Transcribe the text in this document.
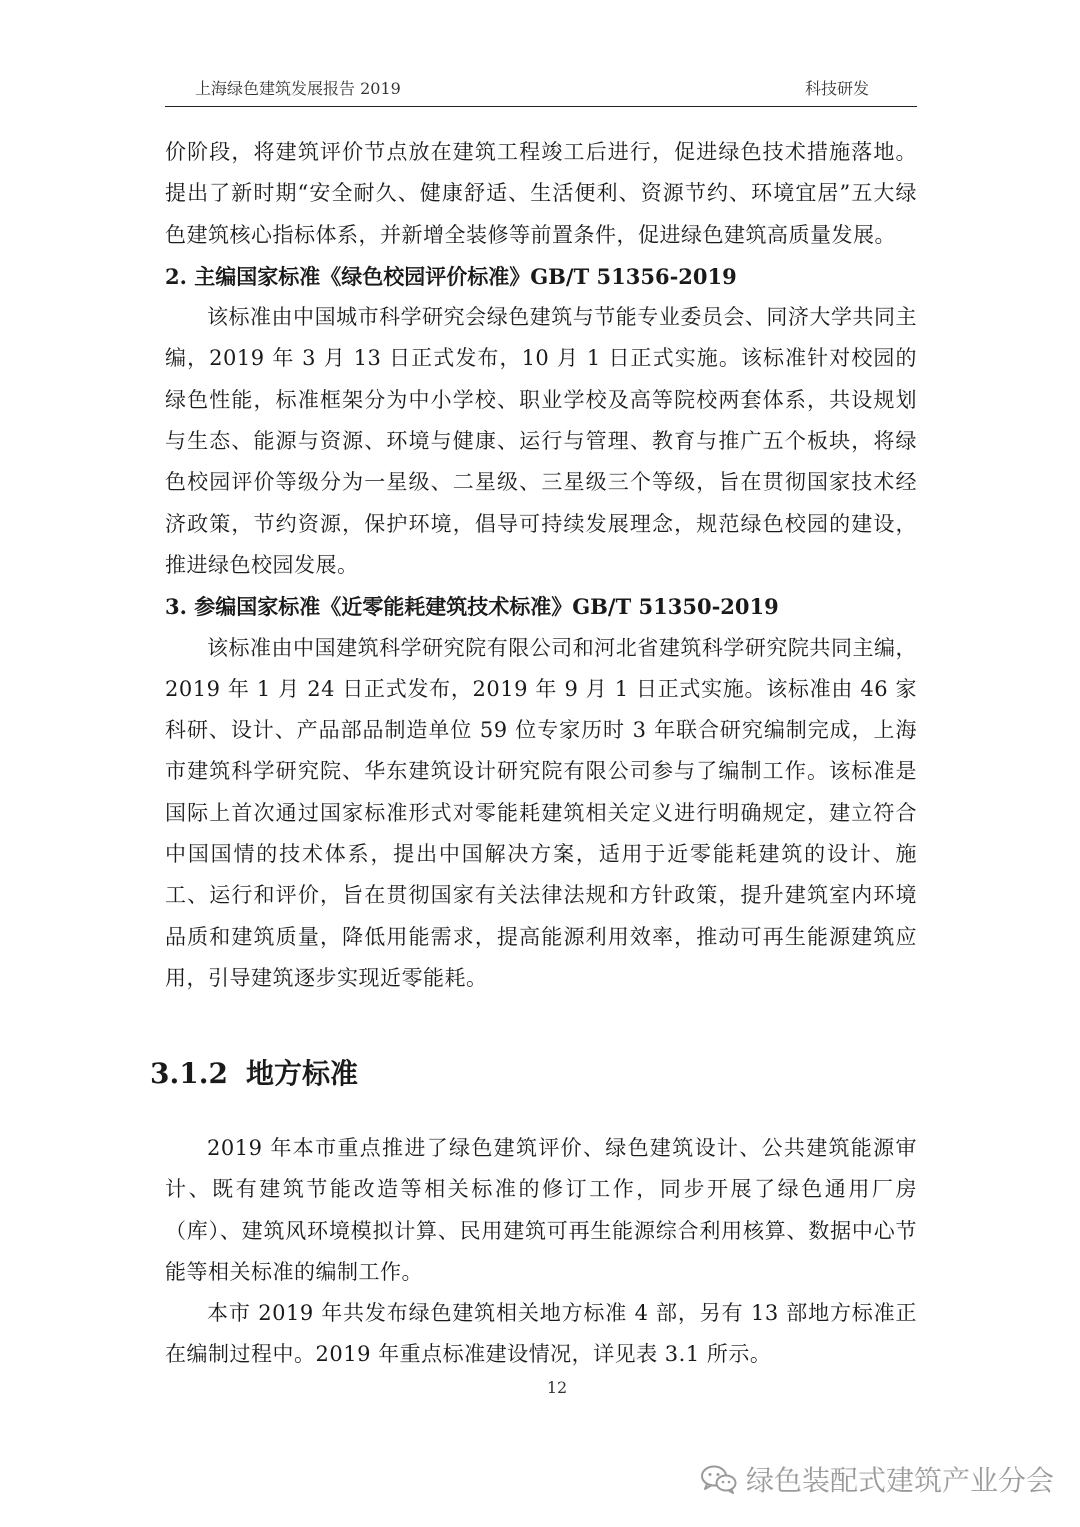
上海绿色建筑发展报告 2019	科技研发

价阶段，将建筑评价节点放在建筑工程竣工后进行，促进绿色技术措施落地。提出了新时期“安全耐久、健康舒适、生活便利、资源节约、环境宜居”五大绿色建筑核心指标体系，并新增全装修等前置条件，促进绿色建筑高质量发展。

2. 主编国家标准《绿色校园评价标准》GB/T 51356-2019

该标准由中国城市科学研究会绿色建筑与节能专业委员会、同济大学共同主编，2019 年 3 月 13 日正式发布，10 月 1 日正式实施。该标准针对校园的绿色性能，标准框架分为中小学校、职业学校及高等院校两套体系，共设规划与生态、能源与资源、环境与健康、运行与管理、教育与推广五个板块，将绿色校园评价等级分为一星级、二星级、三星级三个等级，旨在贯彻国家技术经济政策，节约资源，保护环境，倡导可持续发展理念，规范绿色校园的建设，推进绿色校园发展。

3. 参编国家标准《近零能耗建筑技术标准》GB/T 51350-2019

该标准由中国建筑科学研究院有限公司和河北省建筑科学研究院共同主编，2019 年 1 月 24 日正式发布，2019 年 9 月 1 日正式实施。该标准由 46 家科研、设计、产品部品制造单位 59 位专家历时 3 年联合研究编制完成，上海市建筑科学研究院、华东建筑设计研究院有限公司参与了编制工作。该标准是国际上首次通过国家标准形式对零能耗建筑相关定义进行明确规定，建立符合中国国情的技术体系，提出中国解决方案，适用于近零能耗建筑的设计、施工、运行和评价，旨在贯彻国家有关法律法规和方针政策，提升建筑室内环境品质和建筑质量，降低用能需求，提高能源利用效率，推动可再生能源建筑应用，引导建筑逐步实现近零能耗。

3.1.2 地方标准

2019 年本市重点推进了绿色建筑评价、绿色建筑设计、公共建筑能源审计、既有建筑节能改造等相关标准的修订工作，同步开展了绿色通用厂房（库）、建筑风环境模拟计算、民用建筑可再生能源综合利用核算、数据中心节能等相关标准的编制工作。

本市 2019 年共发布绿色建筑相关地方标准 4 部，另有 13 部地方标准正在编制过程中。2019 年重点标准建设情况，详见表 3.1 所示。

12
绿色装配式建筑产业分会
